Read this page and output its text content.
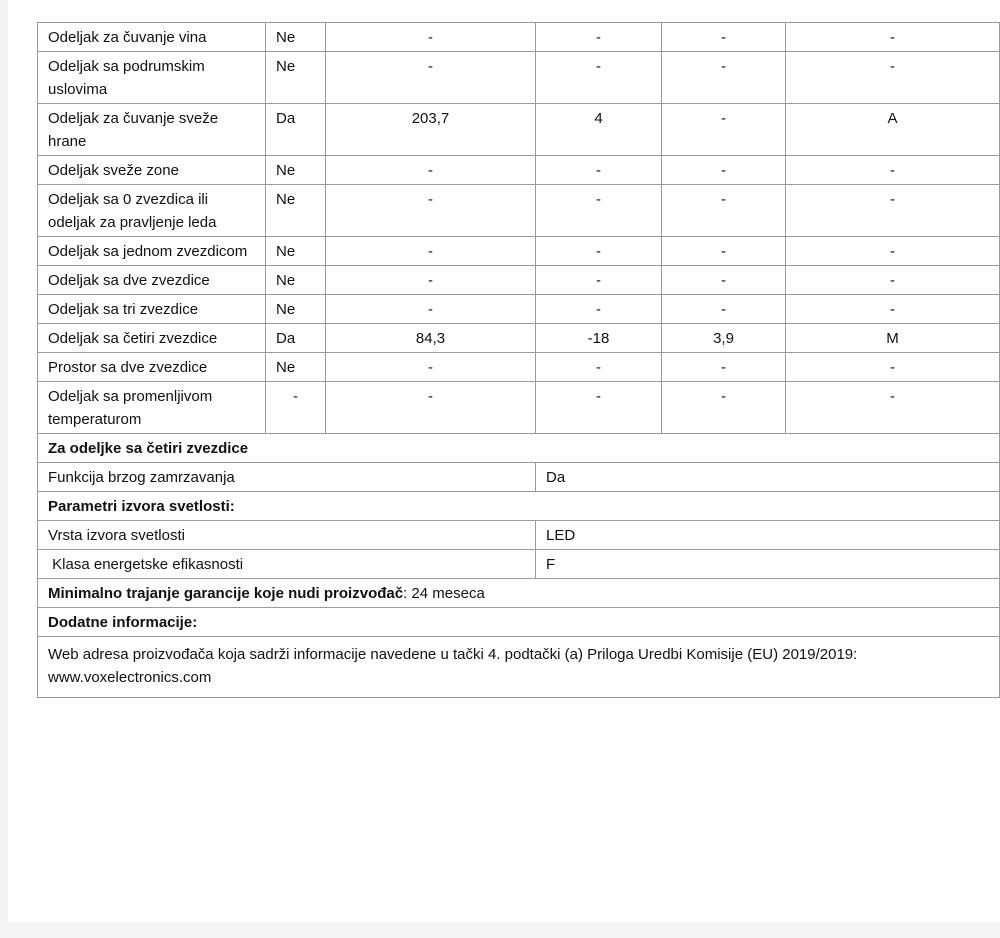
Odeljak za čuvanje vina	Ne	-	-	-	-
Odeljak sa podrumskim uslovima	Ne	-	-	-	-
Odeljak za čuvanje sveže hrane	Da	203,7	4	-	A
Odeljak sveže zone	Ne	-	-	-	-
Odeljak sa 0 zvezdica ili odeljak za pravljenje leda	Ne	-	-	-	-
Odeljak sa jednom zvezdicom	Ne	-	-	-	-
Odeljak sa dve zvezdice	Ne	-	-	-	-
Odeljak sa tri zvezdice	Ne	-	-	-	-
Odeljak sa četiri zvezdice	Da	84,3	-18	3,9	M
Prostor sa dve zvezdice	Ne	-	-	-	-
Odeljak sa promenljivom temperaturom	-	-	-	-	-
Za odeljke sa četiri zvezdice					
Funkcija brzog zamrzavanja			Da		
Parametri izvora svetlosti:					
Vrsta izvora svetlosti			LED		
Klasa energetske efikasnosti			F		
Minimalno trajanje garancije koje nudi proizvođač: 24 meseca					
Dodatne informacije:					
Web adresa proizvođača koja sadrži informacije navedene u tački 4. podtački (a) Priloga Uredbi Komisije (EU) 2019/2019: www.voxelectronics.com					
